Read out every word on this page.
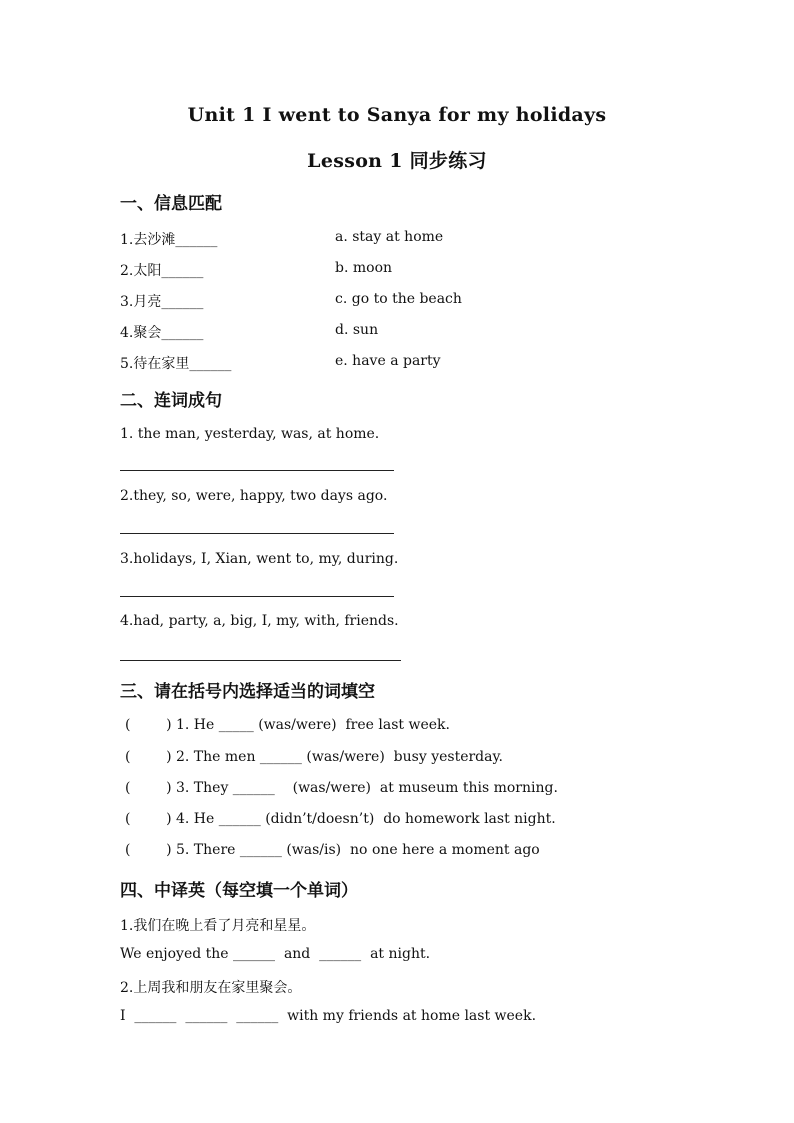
Unit 1 I went to Sanya for my holidays
Lesson 1 同步练习
一、信息匹配
1.去沙滩______	a. stay at home
2.太阳______	b. moon
3.月亮______	c. go to the beach
4.聚会______	d. sun
5.待在家里______	e. have a party
二、连词成句
1. the man, yesterday, was, at home.
2.they, so, were, happy, two days ago.
3.holidays, I, Xian, went to, my, during.
4.had, party, a, big, I, my, with, friends.
三、请在括号内选择适当的词填空
(        ) 1. He _____ (was/were)  free last week.
(        ) 2. The men ______ (was/were)  busy yesterday.
(        ) 3. They ______    (was/were)  at museum this morning.
(        ) 4. He ______ (didn’t/doesn’t)  do homework last night.
(        ) 5. There ______ (was/is)  no one here a moment ago
四、中译英（每空填一个单词）
1.我们在晚上看了月亮和星星。
We enjoyed the ______  and  ______  at night.
2.上周我和朋友在家里聚会。
I  ______  ______  ______  with my friends at home last week.
